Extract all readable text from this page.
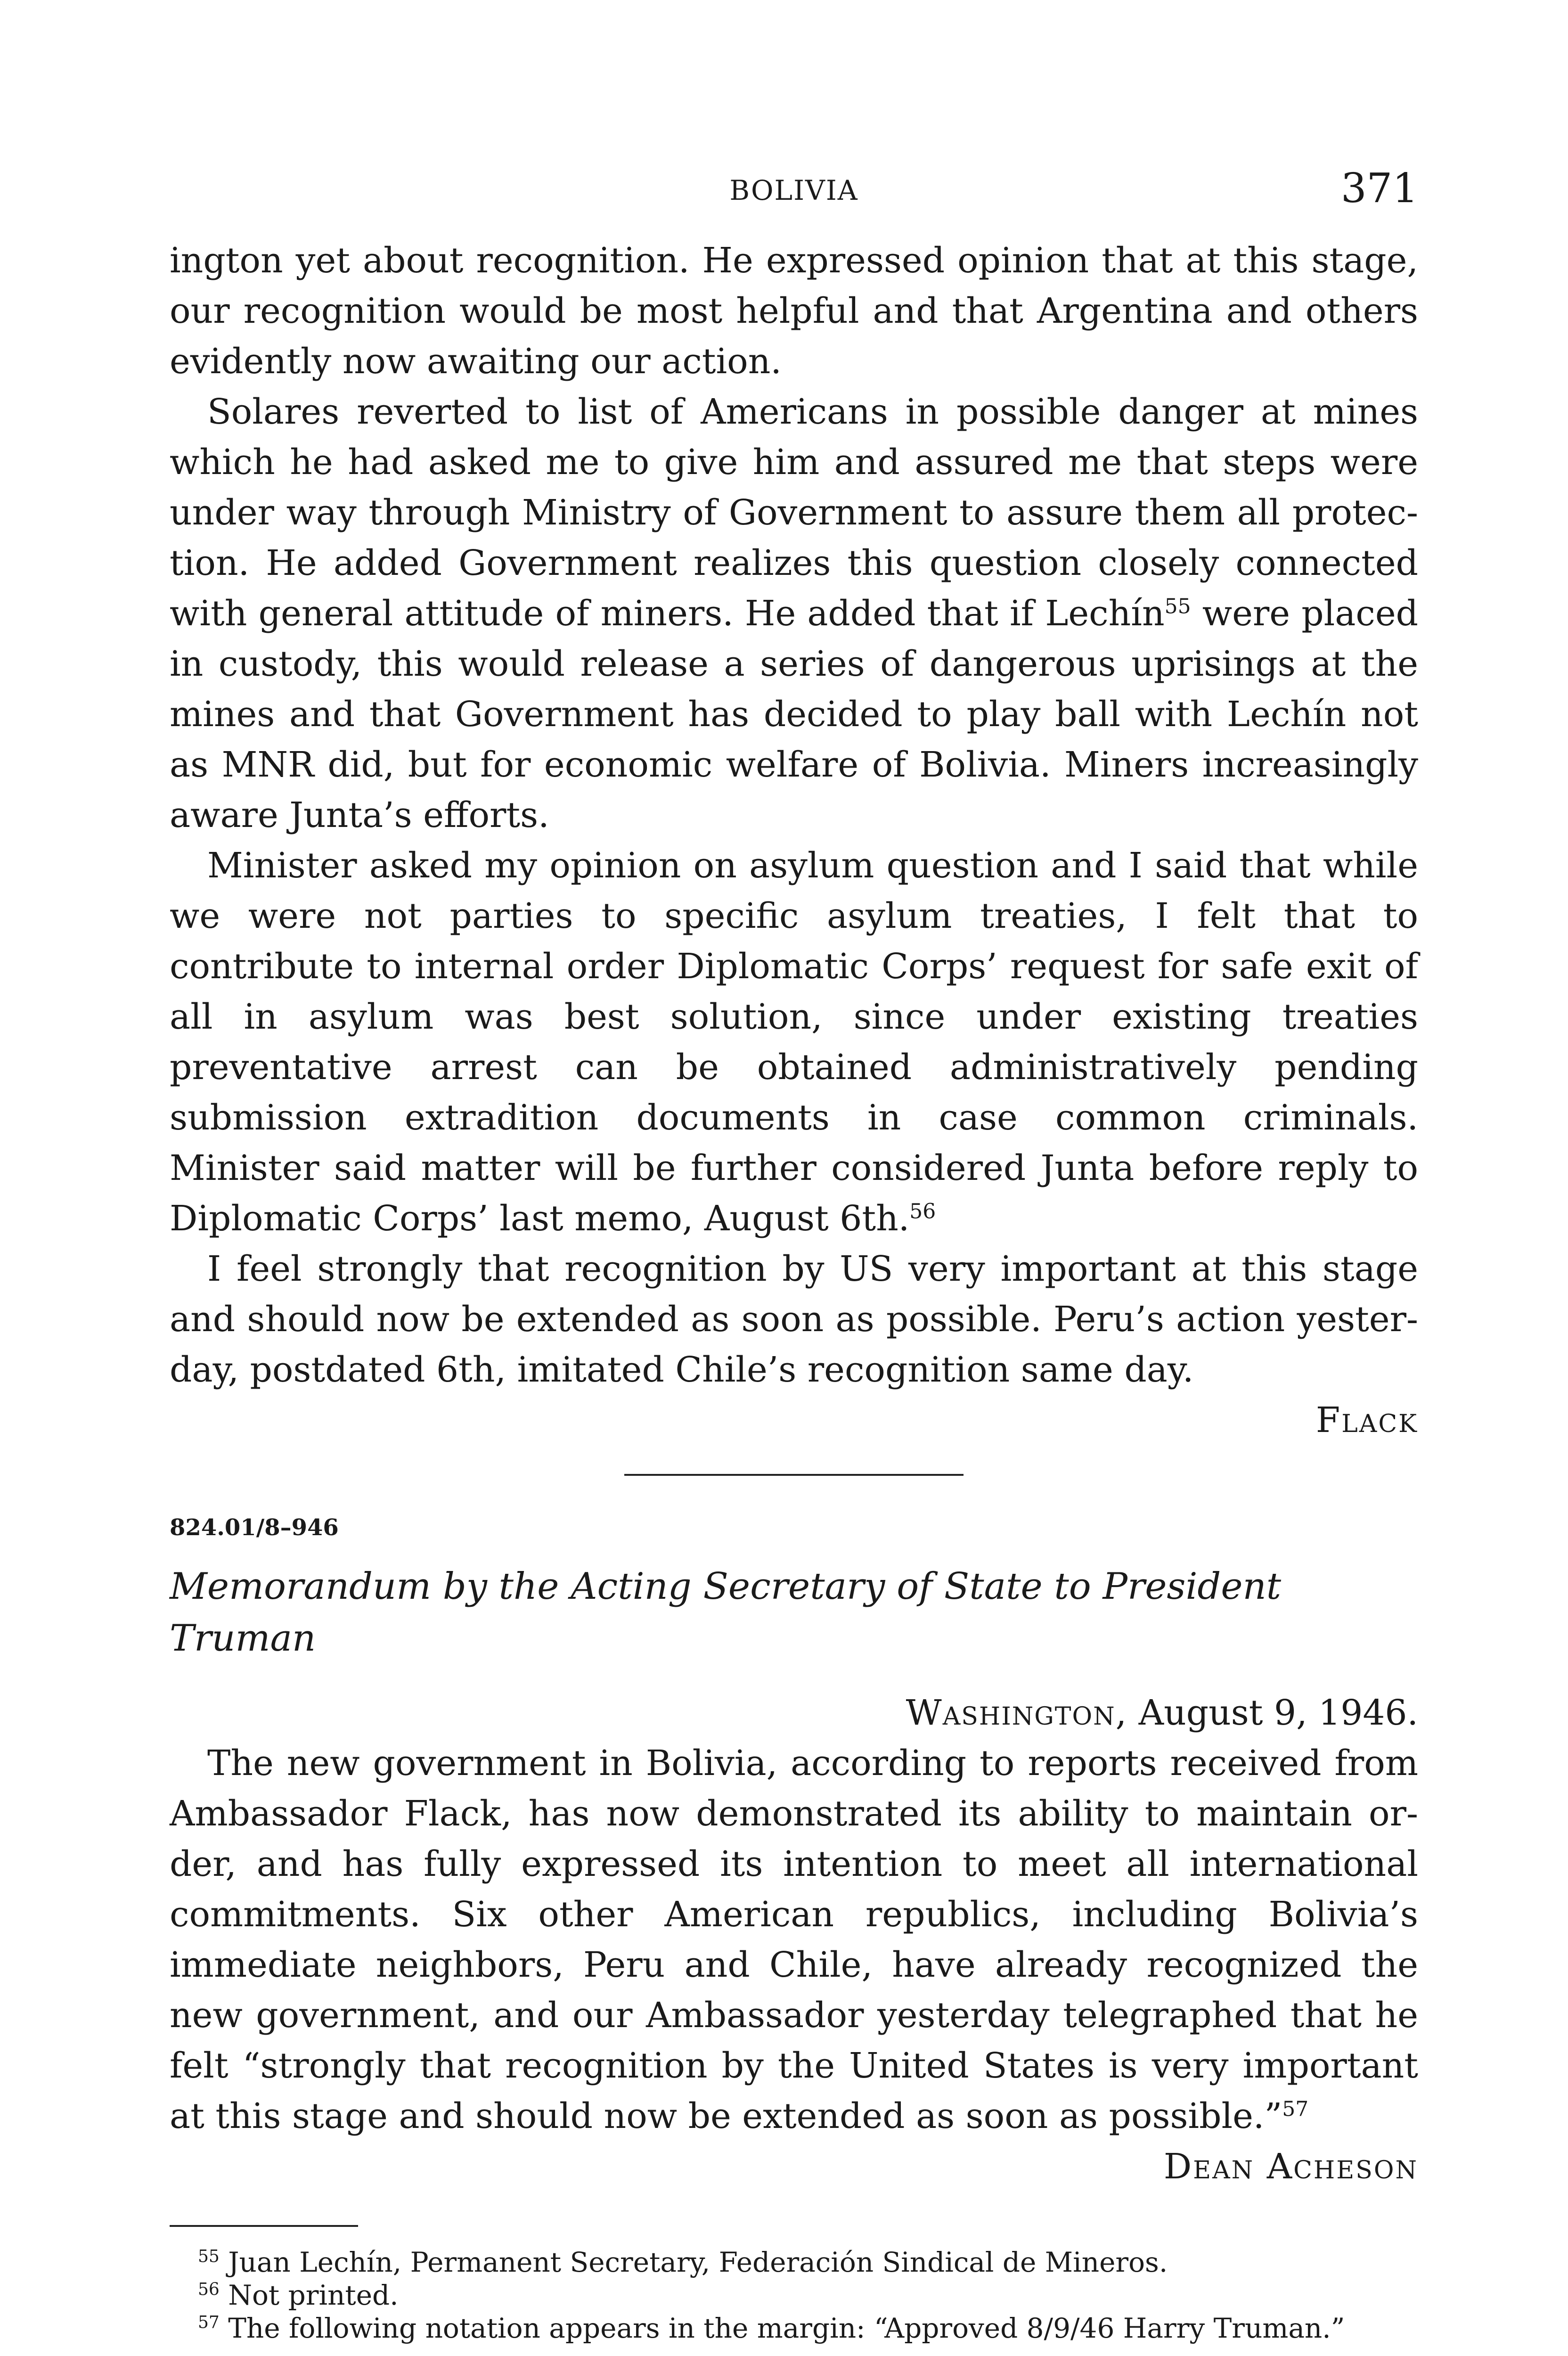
BOLIVIA	371

ington yet about recognition. He expressed opinion that at this stage, our recognition would be most helpful and that Argentina and others evidently now awaiting our action.

Solares reverted to list of Americans in possible danger at mines which he had asked me to give him and assured me that steps were under way through Ministry of Government to assure them all protection. He added Government realizes this question closely connected with general attitude of miners. He added that if Lechín$^{55}$ were placed in custody, this would release a series of dangerous uprisings at the mines and that Government has decided to play ball with Lechín not as MNR did, but for economic welfare of Bolivia. Miners increasingly aware Junta’s efforts.

Minister asked my opinion on asylum question and I said that while we were not parties to specific asylum treaties, I felt that to contribute to internal order Diplomatic Corps’ request for safe exit of all in asylum was best solution, since under existing treaties preventative arrest can be obtained administratively pending submission extradition documents in case common criminals. Minister said matter will be further considered Junta before reply to Diplomatic Corps’ last memo, August 6th.$^{56}$

I feel strongly that recognition by US very important at this stage and should now be extended as soon as possible. Peru’s action yesterday, postdated 6th, imitated Chile’s recognition same day.

Flack
824.01/8–946
Memorandum by the Acting Secretary of State to President Truman
Washington, August 9, 1946.

The new government in Bolivia, according to reports received from Ambassador Flack, has now demonstrated its ability to maintain order, and has fully expressed its intention to meet all international commitments. Six other American republics, including Bolivia’s immediate neighbors, Peru and Chile, have already recognized the new government, and our Ambassador yesterday telegraphed that he felt “strongly that recognition by the United States is very important at this stage and should now be extended as soon as possible.”$^{57}$

Dean Acheson

$^{55}$ Juan Lechín, Permanent Secretary, Federación Sindical de Mineros.

$^{56}$ Not printed.

$^{57}$ The following notation appears in the margin: “Approved 8/9/46 Harry Truman.”
